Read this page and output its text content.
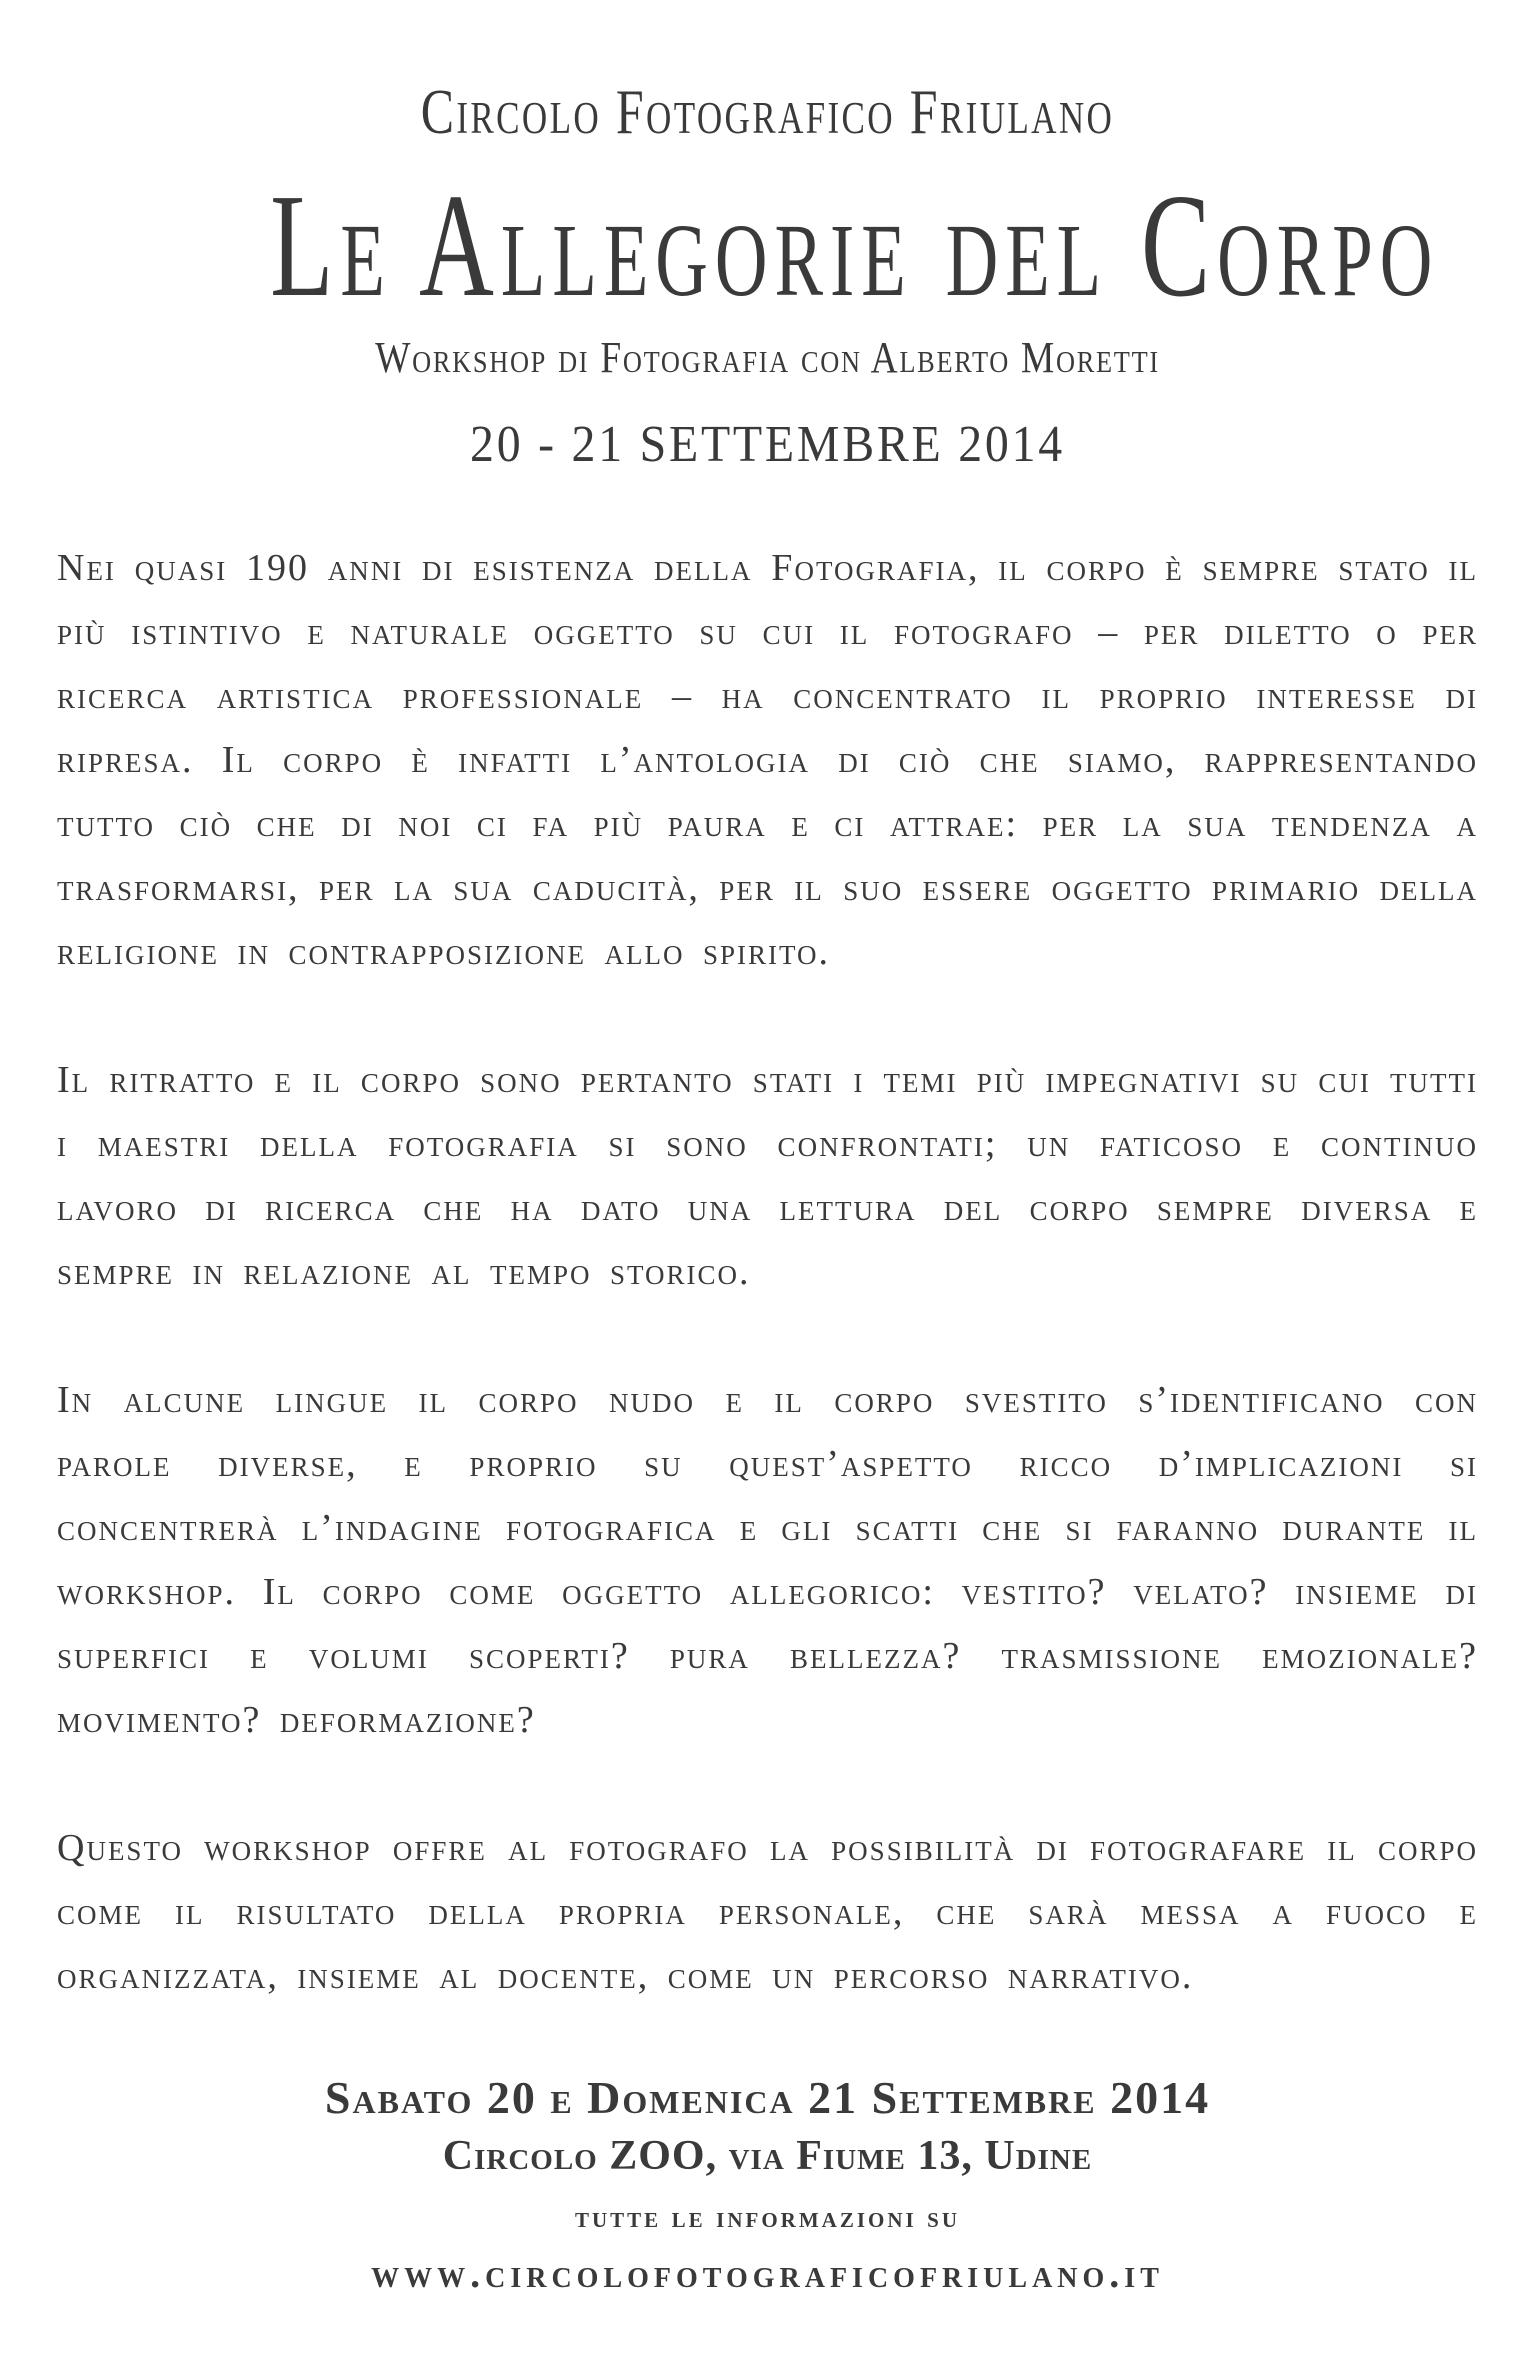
Circolo Fotografico Friulano
Le Allegorie del Corpo
Workshop di Fotografia con Alberto Moretti
20 - 21 SETTEMBRE 2014

Nei quasi 190 anni di esistenza della Fotografia, il corpo è sempre stato il più istintivo e naturale oggetto su cui il fotografo – per diletto o per ricerca artistica professionale – ha concentrato il proprio interesse di ripresa. Il corpo è infatti l’antologia di ciò che siamo, rappresentando tutto ciò che di noi ci fa più paura e ci attrae: per la sua tendenza a trasformarsi, per la sua caducità, per il suo essere oggetto primario della religione in contrapposizione allo spirito.

Il ritratto e il corpo sono pertanto stati i temi più impegnativi su cui tutti i maestri della fotografia si sono confrontati; un faticoso e continuo lavoro di ricerca che ha dato una lettura del corpo sempre diversa e sempre in relazione al tempo storico.

In alcune lingue il corpo nudo e il corpo svestito s’identificano con parole diverse, e proprio su quest’aspetto ricco d’implicazioni si concentrerà l’indagine fotografica e gli scatti che si faranno durante il workshop. Il corpo come oggetto allegorico: vestito? velato? insieme di superfici e volumi scoperti? pura bellezza? trasmissione emozionale? movimento? deformazione?

Questo workshop offre al fotografo la possibilità di fotografare il corpo come il risultato della propria personale, che sarà messa a fuoco e organizzata, insieme al docente, come un percorso narrativo.

Sabato 20 e Domenica 21 Settembre 2014
Circolo ZOO, via Fiume 13, Udine
tutte le informazioni su
www.circolofotograficofriulano.it
